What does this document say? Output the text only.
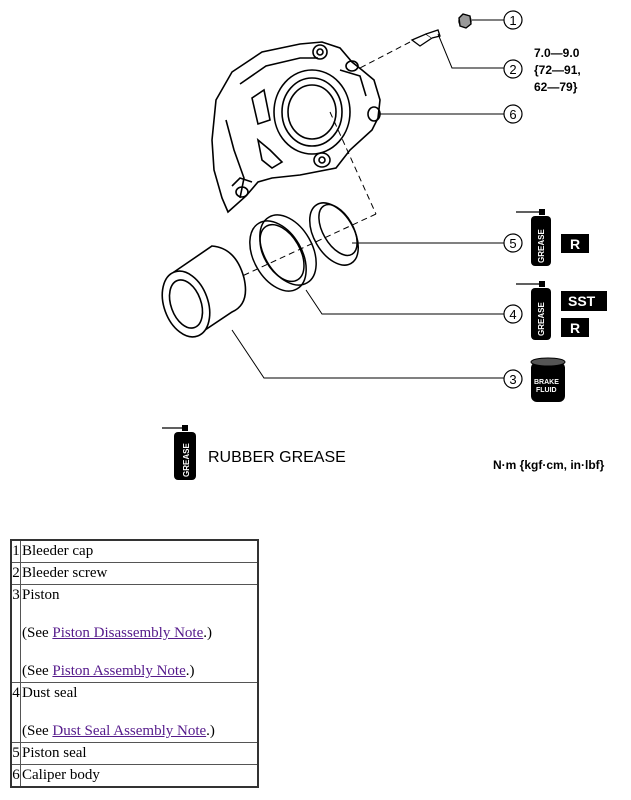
1
2
6
5
4
3
7.0—9.0
{72—91,
62—79}
GREASE R
GREASE
SST
R
BRAKE
FLUID
GREASE RUBBER GREASE	N·m {kgf·cm, in·lbf}
1	Bleeder cap
2	Bleeder screw
3	Piston
(See Piston Disassembly Note.)
(See Piston Assembly Note.)

4	Dust seal
(See Dust Seal Assembly Note.)

5	Piston seal
6	Caliper body
